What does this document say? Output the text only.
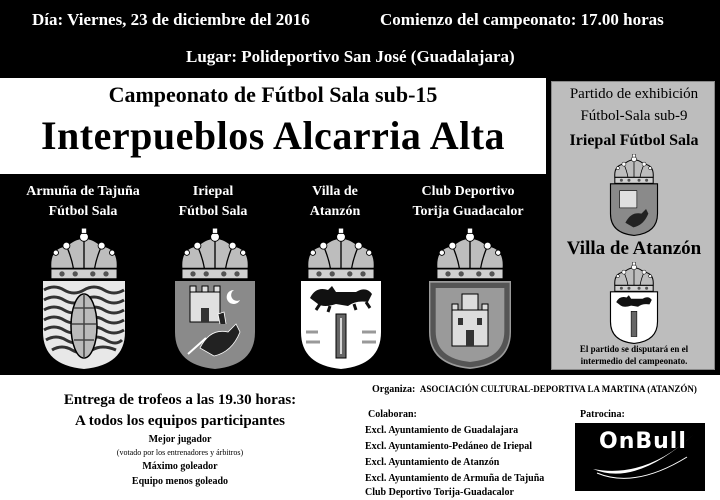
Día: Viernes, 23 de diciembre del 2016	Comienzo del campeonato: 17.00 horas
Lugar: Polideportivo San José (Guadalajara)
Campeonato de Fútbol Sala sub-15
Interpueblos Alcarria Alta
Armuña de Tajuña
Fútbol Sala
Iriepal
Fútbol Sala
Villa de
Atanzón
Club Deportivo
Torija Guadacalor
Partido de exhibición
Fútbol-Sala sub-9
Iriepal Fútbol Sala
Villa de Atanzón
El partido se disputará en el
intermedio del campeonato.
Entrega de trofeos a las 19.30 horas:
A todos los equipos participantes
Mejor jugador
(votado por los entrenadores y árbitros)
Máximo goleador
Equipo menos goleado
Organiza: ASOCIACIÓN CULTURAL-DEPORTIVA LA MARTINA (ATANZÓN)
Colaboran:
Excl. Ayuntamiento de Guadalajara
Excl. Ayuntamiento-Pedáneo de Iriepal
Excl. Ayuntamiento de Atanzón
Excl. Ayuntamiento de Armuña de Tajuña
Club Deportivo Torija-Guadacalor
Patrocina:
OnBull
